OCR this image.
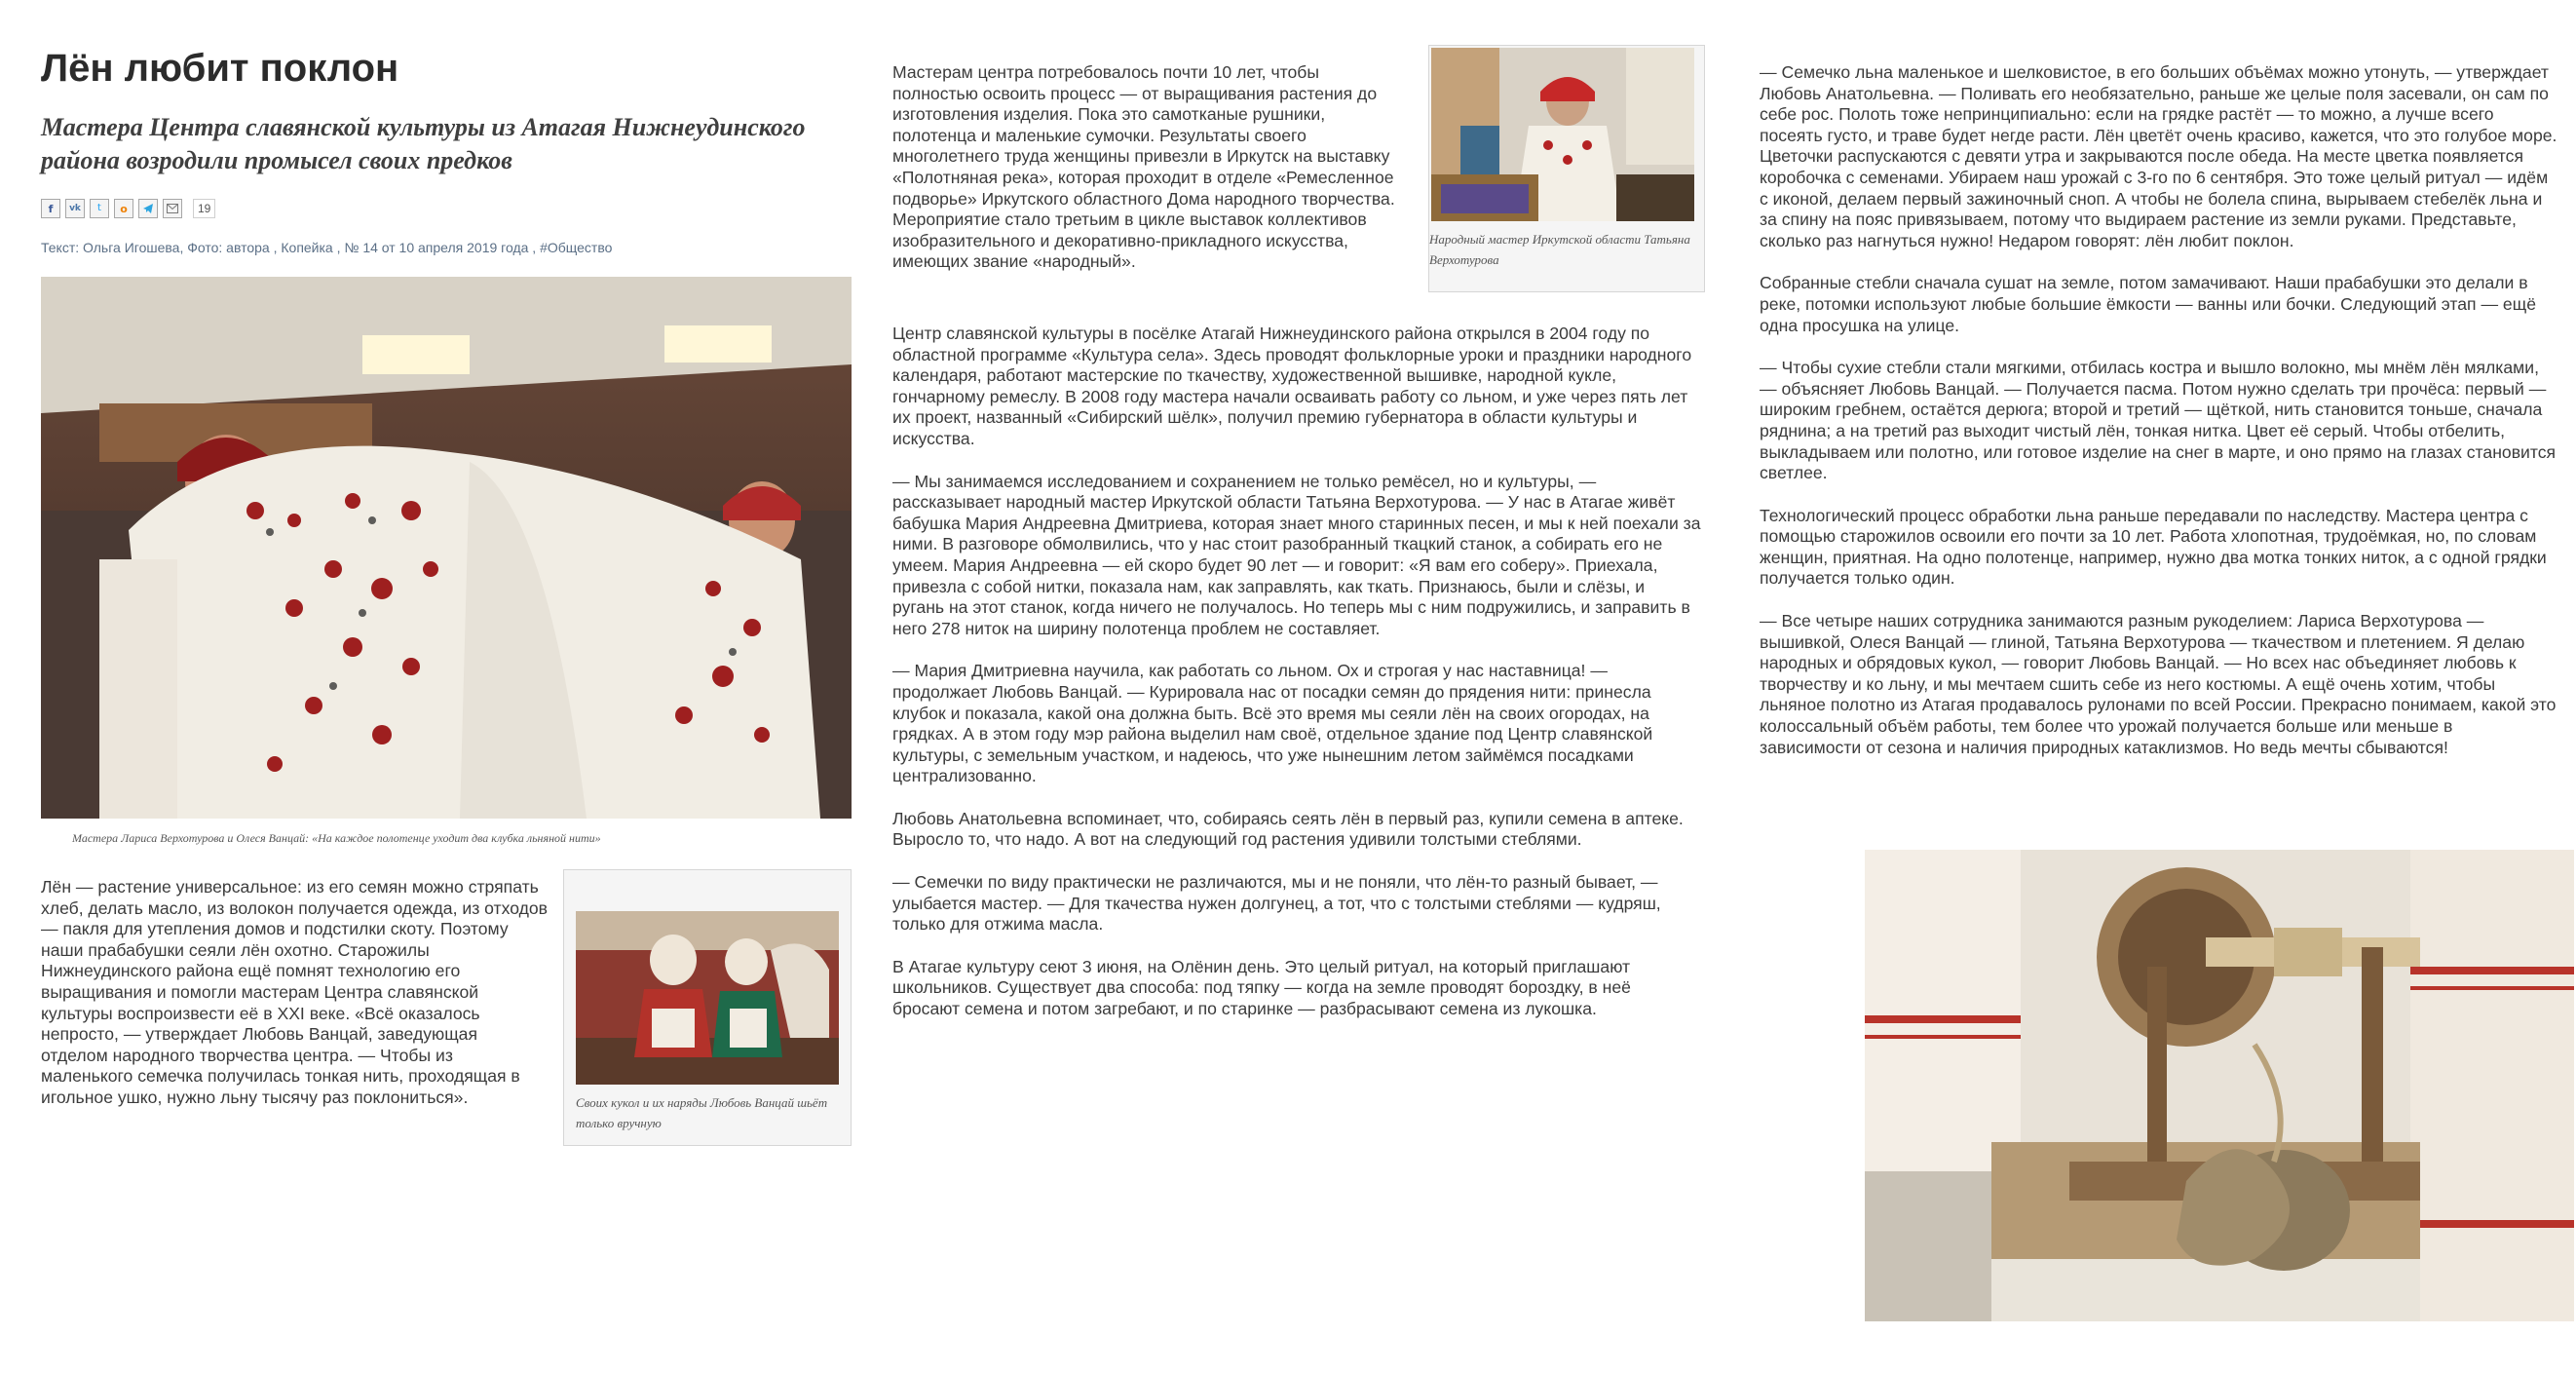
Лён любит поклон
Мастера Центра славянской культуры из Атагая Нижнеудинского района возродили промысел своих предков
f	vk	t	o	19
Текст: Ольга Игошева, Фото: автора , Копейка , № 14 от 10 апреля 2019 года , #Общество
Мастера Лариса Верхотурова и Олеся Ванцай: «На каждое полотенце уходит два клубка льняной нити»

Лён — растение универсальное: из его семян можно стряпать хлеб, делать масло, из волокон получается одежда, из отходов — пакля для утепления домов и подстилки скоту. Поэтому наши прабабушки сеяли лён охотно. Старожилы Нижнеудинского района ещё помнят технологию его выращивания и помогли мастерам Центра славянской культуры воспроизвести её в XXI веке. «Всё оказалось непросто, — утверждает Любовь Ванцай, заведующая отделом народного творчества центра. — Чтобы из маленького семечка получилась тонкая нить, проходящая в игольное ушко, нужно льну тысячу раз поклониться».	Своих кукол и их наряды Любовь Ванцай шьёт только вручную

Мастерам центра потребовалось почти 10 лет, чтобы полностью освоить процесс — от выращивания растения до изготовления изделия. Пока это самотканые рушники, полотенца и маленькие сумочки. Результаты своего многолетнего труда женщины привезли в Иркутск на выставку «Полотняная река», которая проходит в отделе «Ремесленное подворье» Иркутского областного Дома народного творчества. Мероприятие стало третьим в цикле выставок коллективов изобразительного и декоративно-прикладного искусства, имеющих звание «народный».

Народный мастер Иркутской области Татьяна Верхотурова

Центр славянской культуры в посёлке Атагай Нижнеудинского района открылся в 2004 году по областной программе «Культура села». Здесь проводят фольклорные уроки и праздники народного календаря, работают мастерские по ткачеству, художественной вышивке, народной кукле, гончарному ремеслу. В 2008 году мастера начали осваивать работу со льном, и уже через пять лет их проект, названный «Сибирский шёлк», получил премию губернатора в области культуры и искусства.

— Мы занимаемся исследованием и сохранением не только ремёсел, но и культуры, — рассказывает народный мастер Иркутской области Татьяна Верхотурова. — У нас в Атагае живёт бабушка Мария Андреевна Дмитриева, которая знает много старинных песен, и мы к ней поехали за ними. В разговоре обмолвились, что у нас стоит разобранный ткацкий станок, а собирать его не умеем. Мария Андреевна — ей скоро будет 90 лет — и говорит: «Я вам его соберу». Приехала, привезла с собой нитки, показала нам, как заправлять, как ткать. Признаюсь, были и слёзы, и ругань на этот станок, когда ничего не получалось. Но теперь мы с ним подружились, и заправить в него 278 ниток на ширину полотенца проблем не составляет.

— Мария Дмитриевна научила, как работать со льном. Ох и строгая у нас наставница! — продолжает Любовь Ванцай. — Курировала нас от посадки семян до прядения нити: принесла клубок и показала, какой она должна быть. Всё это время мы сеяли лён на своих огородах, на грядках. А в этом году мэр района выделил нам своё, отдельное здание под Центр славянской культуры, с земельным участком, и надеюсь, что уже нынешним летом займёмся посадками централизованно.

Любовь Анатольевна вспоминает, что, собираясь сеять лён в первый раз, купили семена в аптеке. Выросло то, что надо. А вот на следующий год растения удивили толстыми стеблями.

— Семечки по виду практически не различаются, мы и не поняли, что лён-то разный бывает, — улыбается мастер. — Для ткачества нужен долгунец, а тот, что с толстыми стеблями — кудряш, только для отжима масла.

В Атагае культуру сеют 3 июня, на Олёнин день. Это целый ритуал, на который приглашают школьников. Существует два способа: под тяпку — когда на земле проводят бороздку, в неё бросают семена и потом загребают, и по старинке — разбрасывают семена из лукошка.

— Семечко льна маленькое и шелковистое, в его больших объёмах можно утонуть, — утверждает Любовь Анатольевна. — Поливать его необязательно, раньше же целые поля засевали, он сам по себе рос. Полоть тоже непринципиально: если на грядке растёт — то можно, а лучше всего посеять густо, и траве будет негде расти. Лён цветёт очень красиво, кажется, что это голубое море. Цветочки распускаются с девяти утра и закрываются после обеда. На месте цветка появляется коробочка с семенами. Убираем наш урожай с 3-го по 6 сентября. Это тоже целый ритуал — идём с иконой, делаем первый зажиночный сноп. А чтобы не болела спина, вырываем стебелёк льна и за спину на пояс привязываем, потому что выдираем растение из земли руками. Представьте, сколько раз нагнуться нужно! Недаром говорят: лён любит поклон.

Собранные стебли сначала сушат на земле, потом замачивают. Наши прабабушки это делали в реке, потомки используют любые большие ёмкости — ванны или бочки. Следующий этап — ещё одна просушка на улице.

— Чтобы сухие стебли стали мягкими, отбилась костра и вышло волокно, мы мнём лён мялками, — объясняет Любовь Ванцай. — Получается пасма. Потом нужно сделать три прочёса: первый — широким гребнем, остаётся дерюга; второй и третий — щёткой, нить становится тоньше, сначала ряднина; а на третий раз выходит чистый лён, тонкая нитка. Цвет её серый. Чтобы отбелить, выкладываем или полотно, или готовое изделие на снег в марте, и оно прямо на глазах становится светлее.

Технологический процесс обработки льна раньше передавали по наследству. Мастера центра с помощью старожилов освоили его почти за 10 лет. Работа хлопотная, трудоёмкая, но, по словам женщин, приятная. На одно полотенце, например, нужно два мотка тонких ниток, а с одной грядки получается только один.

— Все четыре наших сотрудника занимаются разным рукоделием: Лариса Верхотурова — вышивкой, Олеся Ванцай — глиной, Татьяна Верхотурова — ткачеством и плетением. Я делаю народных и обрядовых кукол, — говорит Любовь Ванцай. — Но всех нас объединяет любовь к творчеству и ко льну, и мы мечтаем сшить себе из него костюмы. А ещё очень хотим, чтобы льняное полотно из Атагая продавалось рулонами по всей России. Прекрасно понимаем, какой это колоссальный объём работы, тем более что урожай получается больше или меньше в зависимости от сезона и наличия природных катаклизмов. Но ведь мечты сбываются!
